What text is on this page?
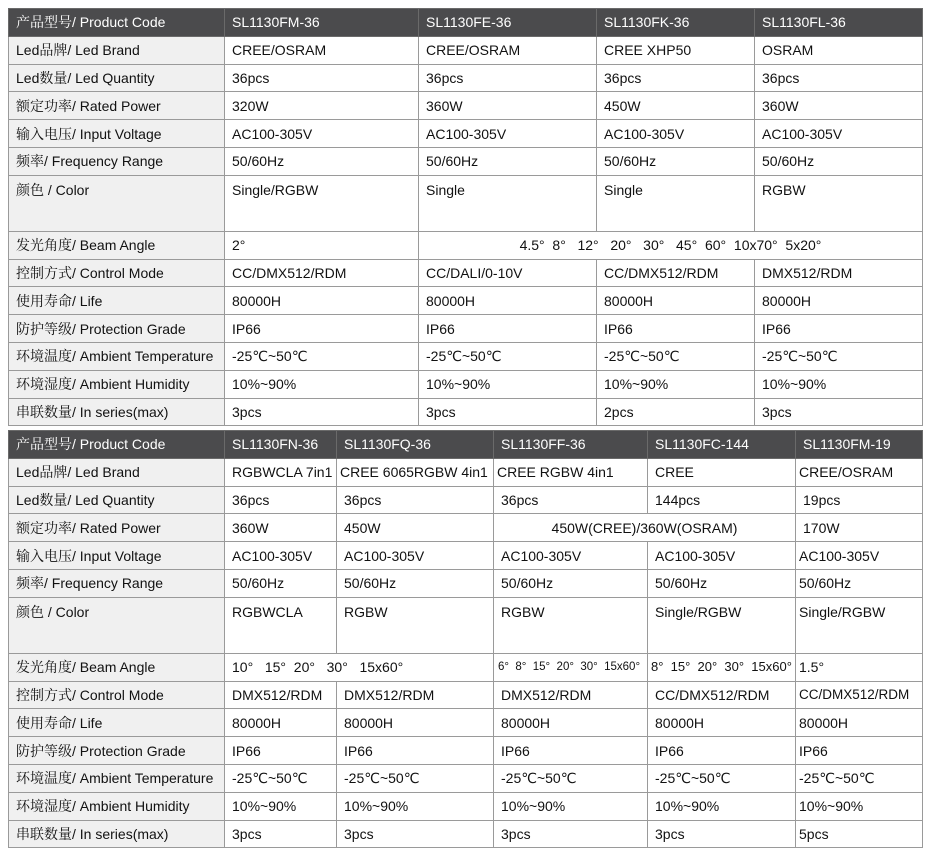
产品型号/ Product Code	SL1130FM-36	SL1130FE-36	SL1130FK-36	SL1130FL-36
Led品牌/ Led Brand	CREE/OSRAM	CREE/OSRAM	CREE XHP50	OSRAM
Led数量/ Led Quantity	36pcs	36pcs	36pcs	36pcs
额定功率/ Rated Power	320W	360W	450W	360W
输入电压/ Input Voltage	AC100-305V	AC100-305V	AC100-305V	AC100-305V
频率/ Frequency Range	50/60Hz	50/60Hz	50/60Hz	50/60Hz
颜色 / Color	Single/RGBW	Single	Single	RGBW
发光角度/ Beam Angle	2°	4.5°  8°   12°   20°   30°   45°  60°  10x70°  5x20°		
控制方式/ Control Mode	CC/DMX512/RDM	CC/DALI/0-10V	CC/DMX512/RDM	DMX512/RDM
使用寿命/ Life	80000H	80000H	80000H	80000H
防护等级/ Protection Grade	IP66	IP66	IP66	IP66
环境温度/ Ambient Temperature	-25℃~50℃	-25℃~50℃	-25℃~50℃	-25℃~50℃
环境湿度/ Ambient Humidity	10%~90%	10%~90%	10%~90%	10%~90%
串联数量/ In series(max)	3pcs	3pcs	2pcs	3pcs
产品型号/ Product Code	SL1130FN-36	SL1130FQ-36	SL1130FF-36	SL1130FC-144	SL1130FM-19
Led品牌/ Led Brand	RGBWCLA 7in1	CREE 6065RGBW 4in1	CREE RGBW 4in1	CREE	CREE/OSRAM
Led数量/ Led Quantity	36pcs	36pcs	36pcs	144pcs	19pcs
额定功率/ Rated Power	360W	450W	450W(CREE)/360W(OSRAM)		170W
输入电压/ Input Voltage	AC100-305V	AC100-305V	AC100-305V	AC100-305V	AC100-305V
频率/ Frequency Range	50/60Hz	50/60Hz	50/60Hz	50/60Hz	50/60Hz
颜色 / Color	RGBWCLA	RGBW	RGBW	Single/RGBW	Single/RGBW
发光角度/ Beam Angle	10°   15°  20°   30°   15x60°		6°  8°  15°  20°  30°  15x60°	8°  15°  20°  30°  15x60°	1.5°
控制方式/ Control Mode	DMX512/RDM	DMX512/RDM	DMX512/RDM	CC/DMX512/RDM	CC/DMX512/RDM
使用寿命/ Life	80000H	80000H	80000H	80000H	80000H
防护等级/ Protection Grade	IP66	IP66	IP66	IP66	IP66
环境温度/ Ambient Temperature	-25℃~50℃	-25℃~50℃	-25℃~50℃	-25℃~50℃	-25℃~50℃
环境湿度/ Ambient Humidity	10%~90%	10%~90%	10%~90%	10%~90%	10%~90%
串联数量/ In series(max)	3pcs	3pcs	3pcs	3pcs	5pcs
